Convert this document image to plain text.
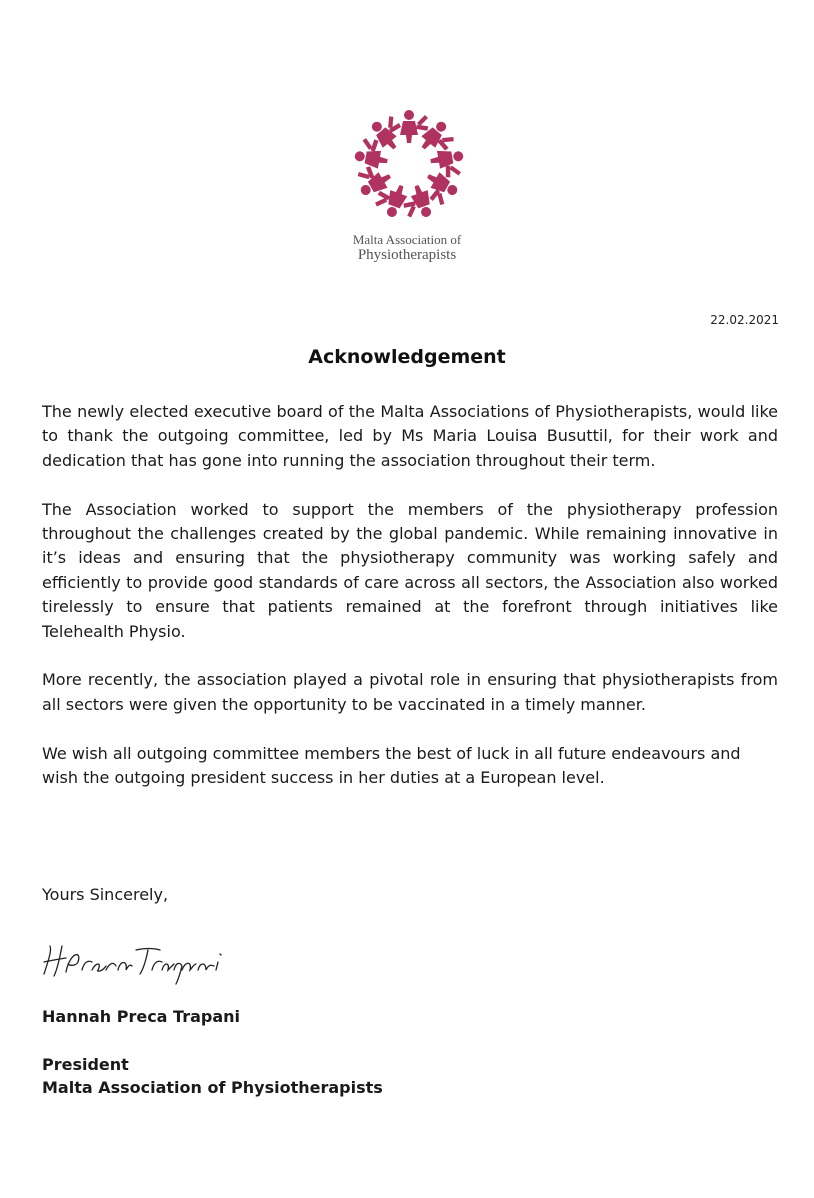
Malta Association of
Physiotherapists
22.02.2021
Acknowledgement

The newly elected executive board of the Malta Associations of Physiotherapists, would like to thank the outgoing committee, led by Ms Maria Louisa Busuttil, for their work and dedication that has gone into running the association throughout their term.

The Association worked to support the members of the physiotherapy profession throughout the challenges created by the global pandemic. While remaining innovative in it’s ideas and ensuring that the physiotherapy community was working safely and efficiently to provide good standards of care across all sectors, the Association also worked tirelessly to ensure that patients remained at the forefront through initiatives like Telehealth Physio.

More recently, the association played a pivotal role in ensuring that physiotherapists from all sectors were given the opportunity to be vaccinated in a timely manner.

We wish all outgoing committee members the best of luck in all future endeavours and wish the outgoing president success in her duties at a European level.

Yours Sincerely,
Hannah Preca Trapani
President
Malta Association of Physiotherapists
